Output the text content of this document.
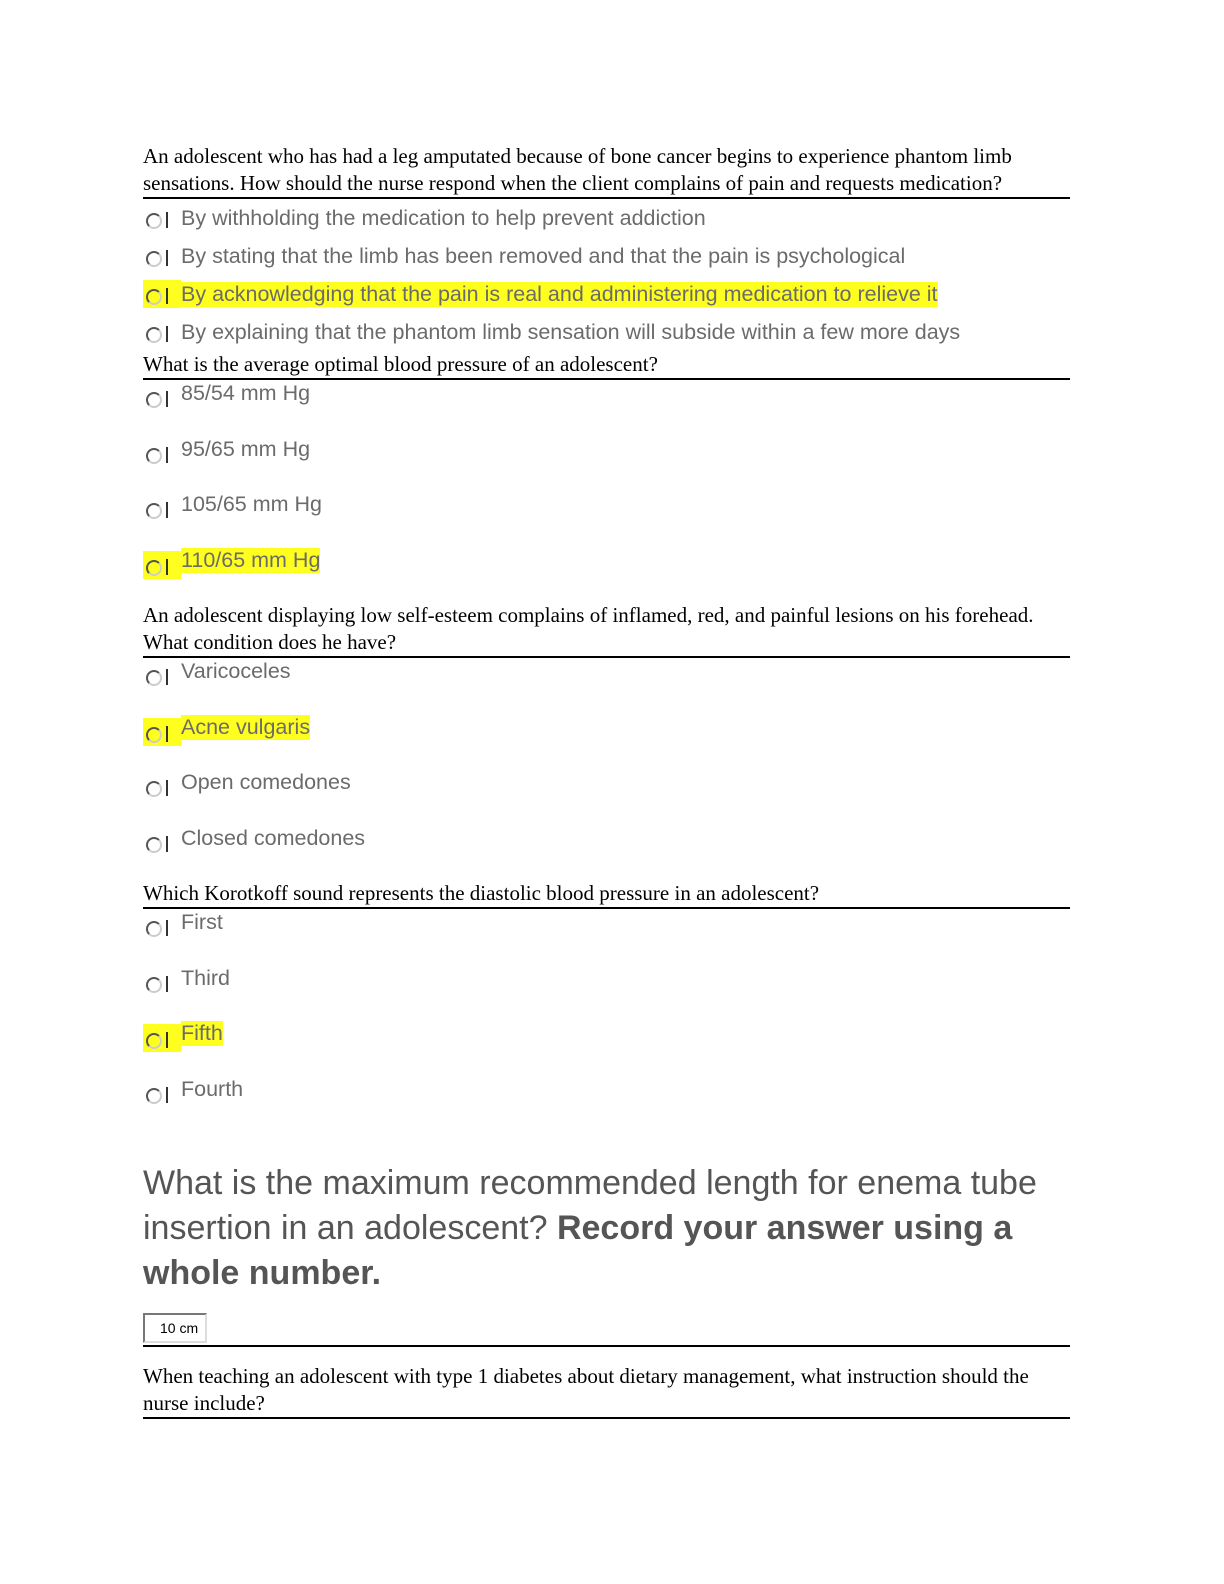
An adolescent who has had a leg amputated because of bone cancer begins to experience phantom limb sensations. How should the nurse respond when the client complains of pain and requests medication?
By withholding the medication to help prevent addiction
By stating that the limb has been removed and that the pain is psychological
By acknowledging that the pain is real and administering medication to relieve it
By explaining that the phantom limb sensation will subside within a few more days
What is the average optimal blood pressure of an adolescent?
85/54 mm Hg
95/65 mm Hg
105/65 mm Hg
110/65 mm Hg
An adolescent displaying low self-esteem complains of inflamed, red, and painful lesions on his forehead. What condition does he have?
Varicoceles
Acne vulgaris
Open comedones
Closed comedones
Which Korotkoff sound represents the diastolic blood pressure in an adolescent?
First
Third
Fifth
Fourth
What is the maximum recommended length for enema tube insertion in an adolescent? Record your answer using a whole number.
10 cm
When teaching an adolescent with type 1 diabetes about dietary management, what instruction should the nurse include?
